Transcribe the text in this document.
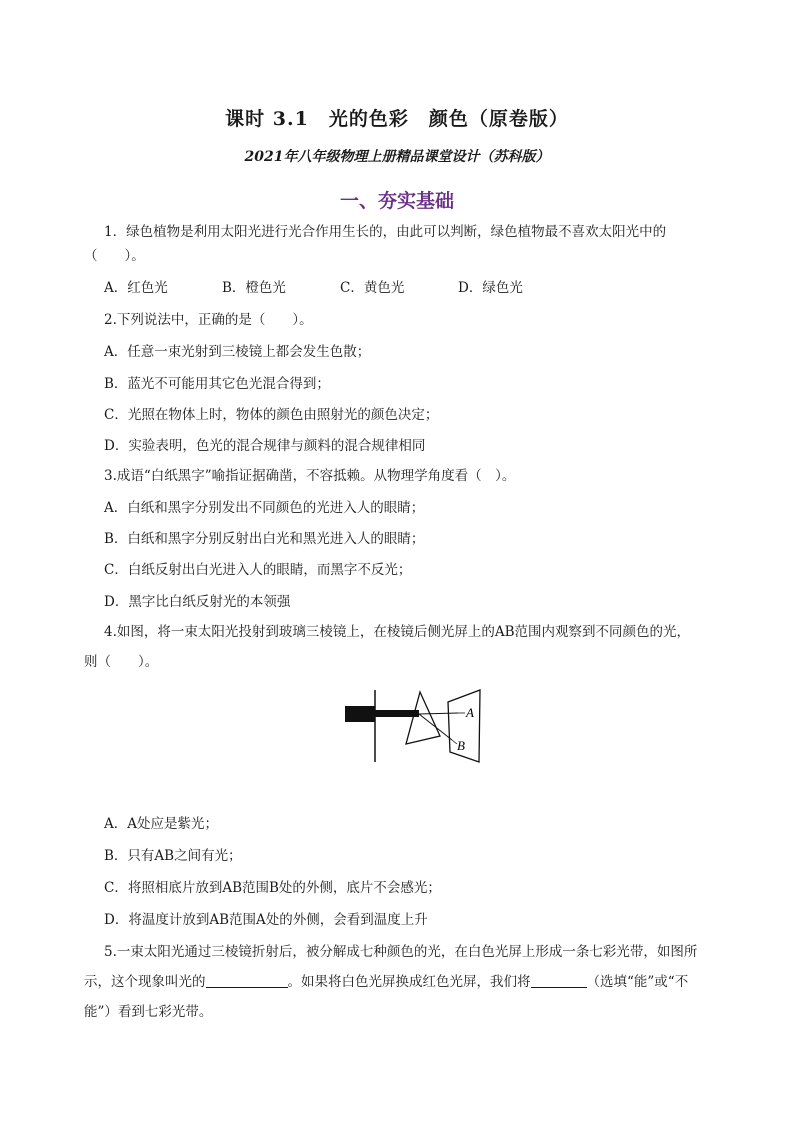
课时 3.1　光的色彩　颜色（原卷版）
2021年八年级物理上册精品课堂设计（苏科版）
一、夯实基础
1．绿色植物是利用太阳光进行光合作用生长的，由此可以判断，绿色植物最不喜欢太阳光中的
（　　）。
A．红色光	B．橙色光	C．黄色光	D．绿色光
2.下列说法中，正确的是（　　）。
A．任意一束光射到三棱镜上都会发生色散；
B．蓝光不可能用其它色光混合得到；
C．光照在物体上时，物体的颜色由照射光的颜色决定；
D．实验表明，色光的混合规律与颜料的混合规律相同
3.成语“白纸黑字”喻指证据确凿，不容抵赖。从物理学角度看（　）。
A．白纸和黑字分别发出不同颜色的光进入人的眼睛；
B．白纸和黑字分别反射出白光和黑光进入人的眼睛；
C．白纸反射出白光进入人的眼睛，而黑字不反光；
D．黑字比白纸反射光的本领强
4.如图，将一束太阳光投射到玻璃三棱镜上，在棱镜后侧光屏上的AB范围内观察到不同颜色的光，
则（　　）。
A
B
A．A处应是紫光；
B．只有AB之间有光；
C．将照相底片放到AB范围B处的外侧，底片不会感光；
D．将温度计放到AB范围A处的外侧，会看到温度上升
5.一束太阳光通过三棱镜折射后，被分解成七种颜色的光，在白色光屏上形成一条七彩光带，如图所
示，这个现象叫光的	。如果将白色光屏换成红色光屏，我们将	（选填“能”或“不
能”）看到七彩光带。
